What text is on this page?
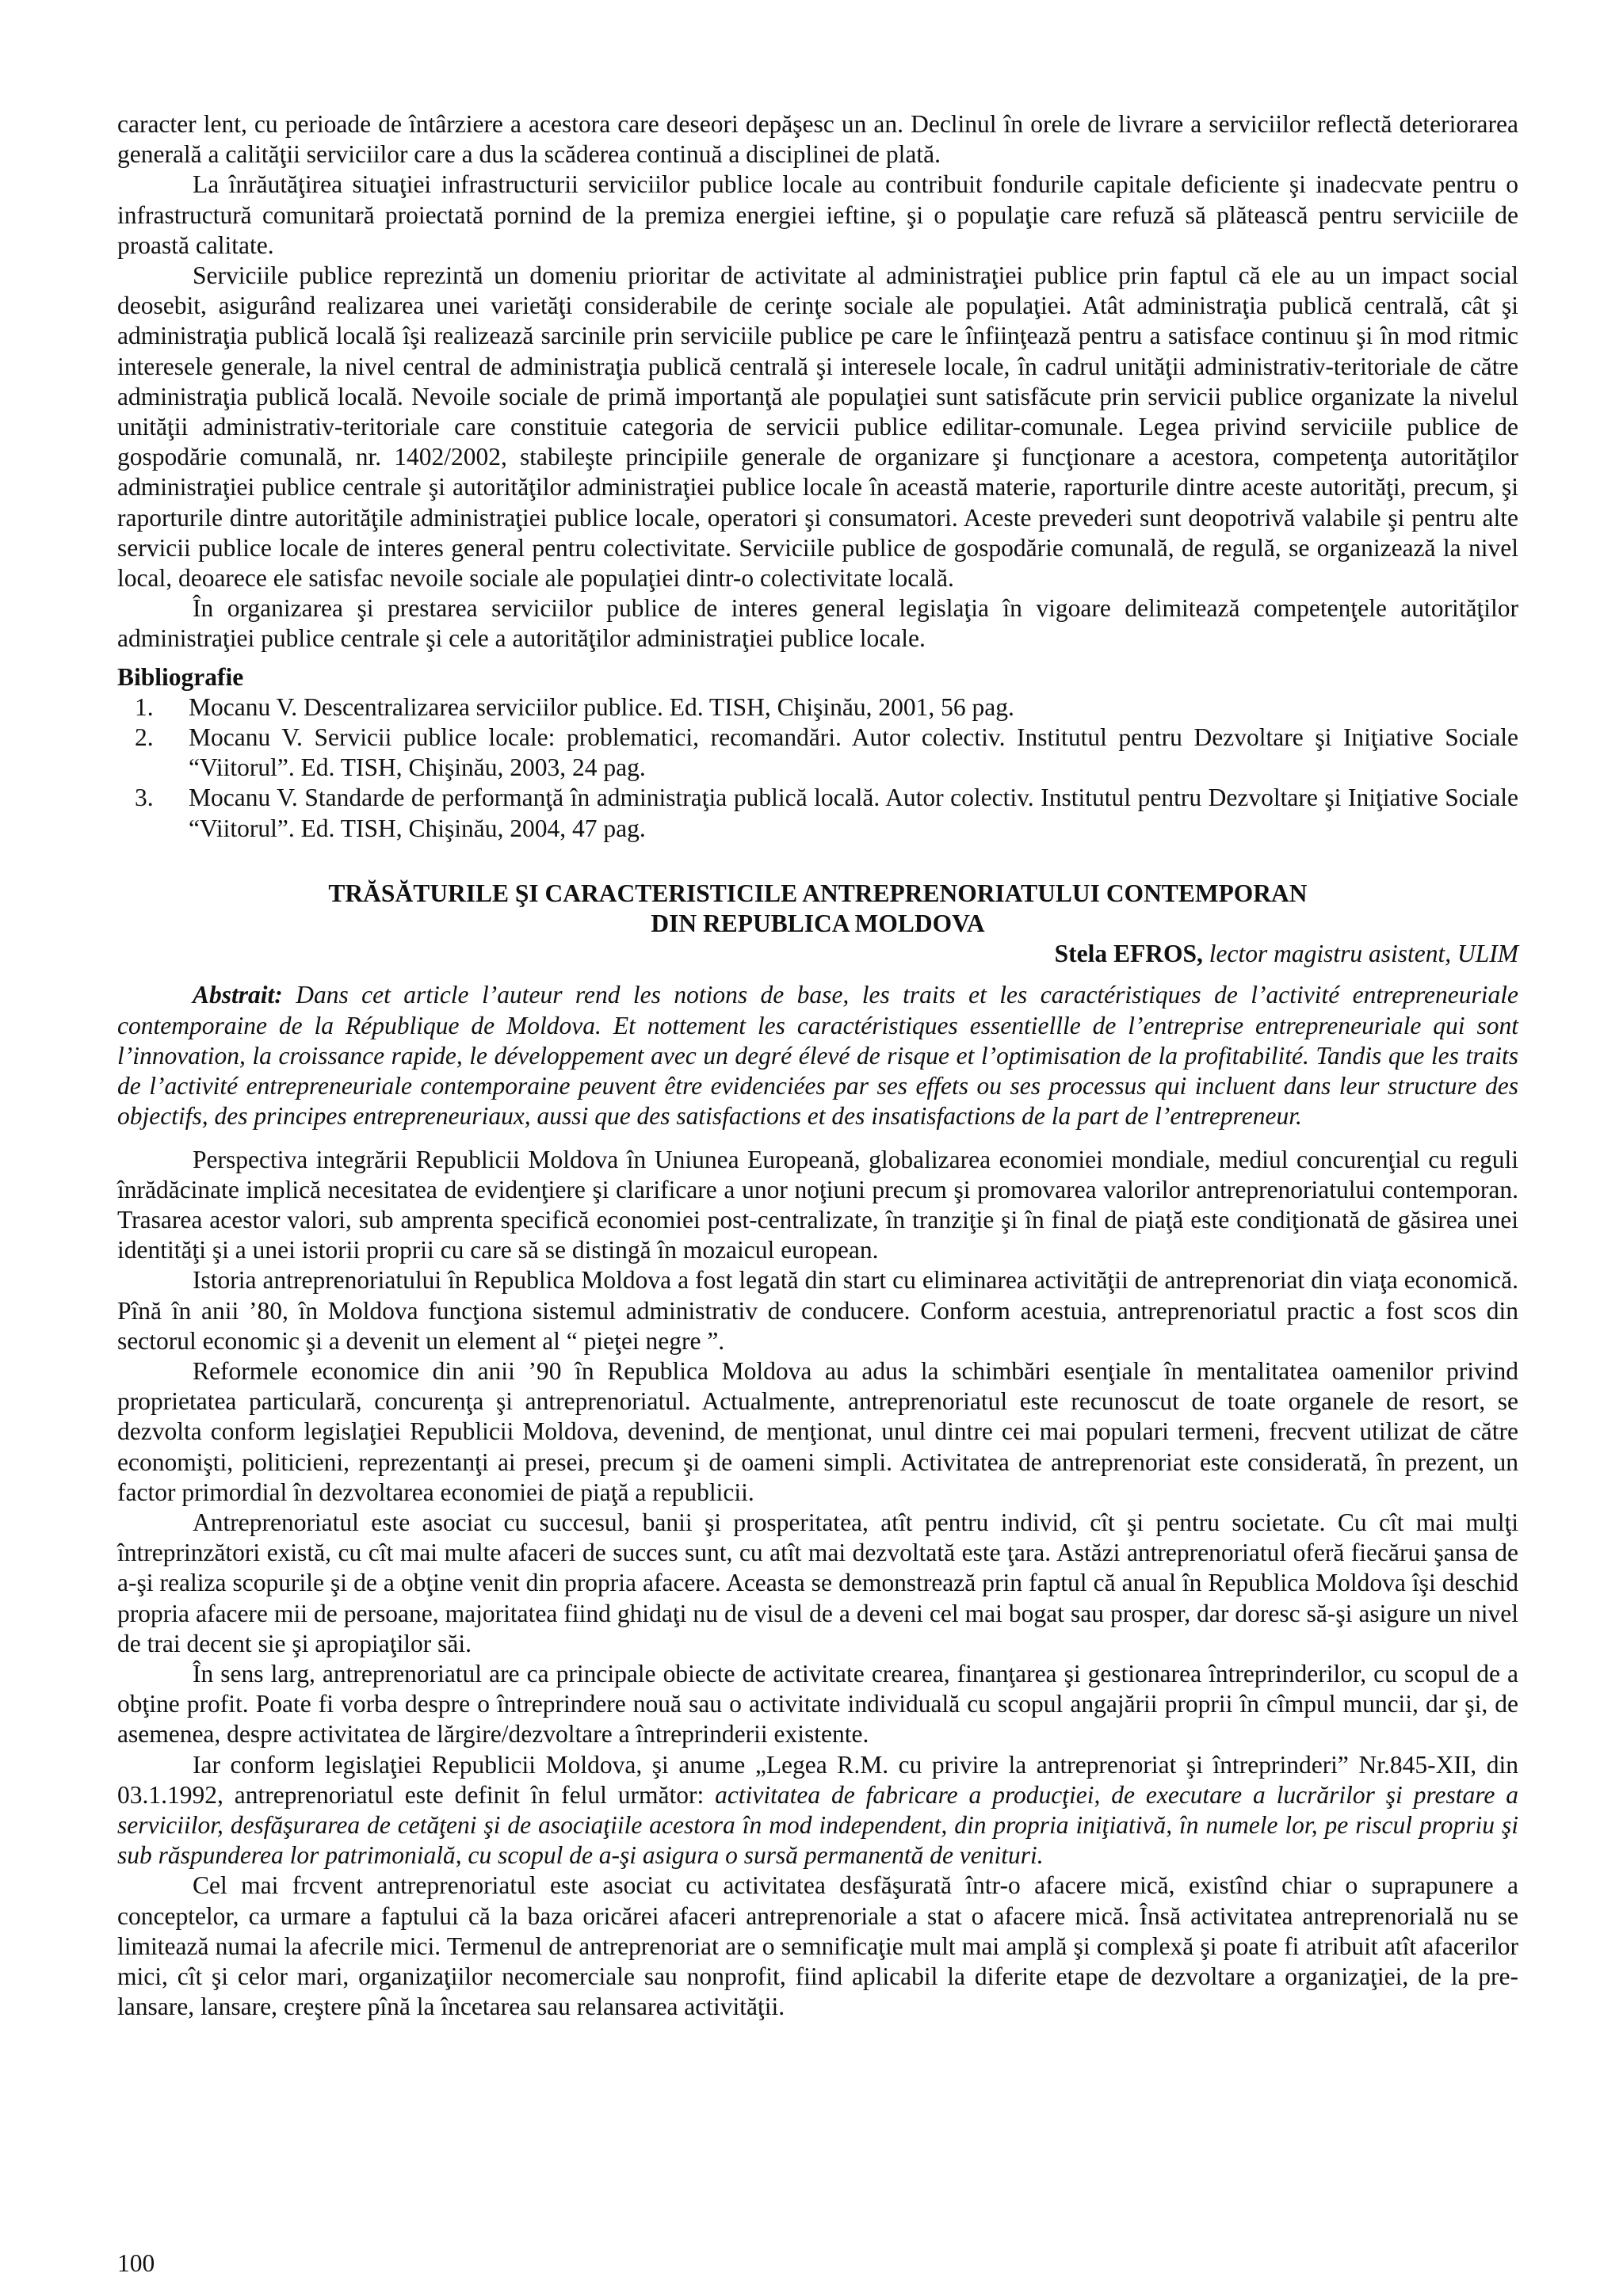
caracter lent, cu perioade de întârziere a acestora care deseori depăşesc un an. Declinul în orele de livrare a serviciilor reflectă deteriorarea generală a calităţii serviciilor care a dus la scăderea continuă a disciplinei de plată.

La înrăutăţirea situaţiei infrastructurii serviciilor publice locale au contribuit fondurile capitale deficiente şi inadecvate pentru o infrastructură comunitară proiectată pornind de la premiza energiei ieftine, şi o populaţie care refuză să plătească pentru serviciile de proastă calitate.

Serviciile publice reprezintă un domeniu prioritar de activitate al administraţiei publice prin faptul că ele au un impact social deosebit, asigurând realizarea unei varietăţi considerabile de cerinţe sociale ale populaţiei. Atât administraţia publică centrală, cât şi administraţia publică locală îşi realizează sarcinile prin serviciile publice pe care le înfiinţează pentru a satisface continuu şi în mod ritmic interesele generale, la nivel central de administraţia publică centrală şi interesele locale, în cadrul unităţii administrativ-teritoriale de către administraţia publică locală. Nevoile sociale de primă importanţă ale populaţiei sunt satisfăcute prin servicii publice organizate la nivelul unităţii administrativ-teritoriale care constituie categoria de servicii publice edilitar-comunale. Legea privind serviciile publice de gospodărie comunală, nr. 1402/2002, stabileşte principiile generale de organizare şi funcţionare a acestora, competenţa autorităţilor administraţiei publice centrale şi autorităţilor administraţiei publice locale în această materie, raporturile dintre aceste autorităţi, precum, şi raporturile dintre autorităţile administraţiei publice locale, operatori şi consumatori. Aceste prevederi sunt deopotrivă valabile şi pentru alte servicii publice locale de interes general pentru colectivitate. Serviciile publice de gospodărie comunală, de regulă, se organizează la nivel local, deoarece ele satisfac nevoile sociale ale populaţiei dintr-o colectivitate locală.

În organizarea şi prestarea serviciilor publice de interes general legislaţia în vigoare delimitează competenţele autorităţilor administraţiei publice centrale şi cele a autorităţilor administraţiei publice locale.

Bibliografie
1. Mocanu V. Descentralizarea serviciilor publice. Ed. TISH, Chişinău, 2001, 56 pag.
2. Mocanu V. Servicii publice locale: problematici, recomandări. Autor colectiv. Institutul pentru Dezvoltare şi Iniţiative Sociale “Viitorul”. Ed. TISH, Chişinău, 2003, 24 pag.
3. Mocanu V. Standarde de performanţă în administraţia publică locală. Autor colectiv. Institutul pentru Dezvoltare şi Iniţiative Sociale “Viitorul”. Ed. TISH, Chişinău, 2004, 47 pag.
TRĂSĂTURILE ŞI CARACTERISTICILE ANTREPRENORIATULUI CONTEMPORAN
DIN REPUBLICA MOLDOVA
Stela EFROS, lector magistru asistent, ULIM
Abstrait: Dans cet article l’auteur rend les notions de base, les traits et les caractéristiques de l’activité entrepreneuriale contemporaine de la République de Moldova. Et nottement les caractéristiques essentiellle de l’entreprise entrepreneuriale qui sont l’innovation, la croissance rapide, le développement avec un degré élevé de risque et l’optimisation de la profitabilité. Tandis que les traits de l’activité entrepreneuriale contemporaine peuvent être evidenciées par ses effets ou ses processus qui incluent dans leur structure des objectifs, des principes entrepreneuriaux, aussi que des satisfactions et des insatisfactions de la part de l’entrepreneur.

Perspectiva integrării Republicii Moldova în Uniunea Europeană, globalizarea economiei mondiale, mediul concurenţial cu reguli înrădăcinate implică necesitatea de evidenţiere şi clarificare a unor noţiuni precum şi promovarea valorilor antreprenoriatului contemporan. Trasarea acestor valori, sub amprenta specifică economiei post-centralizate, în tranziţie şi în final de piaţă este condiţionată de găsirea unei identităţi şi a unei istorii proprii cu care să se distingă în mozaicul european.

Istoria antreprenoriatului în Republica Moldova a fost legată din start cu eliminarea activităţii de antreprenoriat din viaţa economică. Pînă în anii ’80, în Moldova funcţiona sistemul administrativ de conducere. Conform acestuia, antreprenoriatul practic a fost scos din sectorul economic şi a devenit un element al “ pieţei negre ”.

Reformele economice din anii ’90 în Republica Moldova au adus la schimbări esenţiale în mentalitatea oamenilor privind proprietatea particulară, concurenţa şi antreprenoriatul. Actualmente, antreprenoriatul este recunoscut de toate organele de resort, se dezvolta conform legislaţiei Republicii Moldova, devenind, de menţionat, unul dintre cei mai populari termeni, frecvent utilizat de către economişti, politicieni, reprezentanţi ai presei, precum şi de oameni simpli. Activitatea de antreprenoriat este considerată, în prezent, un factor primordial în dezvoltarea economiei de piaţă a republicii.

Antreprenoriatul este asociat cu succesul, banii şi prosperitatea, atît pentru individ, cît şi pentru societate. Cu cît mai mulţi întreprinzători există, cu cît mai multe afaceri de succes sunt, cu atît mai dezvoltată este ţara. Astăzi antreprenoriatul oferă fiecărui şansa de a-şi realiza scopurile şi de a obţine venit din propria afacere. Aceasta se demonstrează prin faptul că anual în Republica Moldova îşi deschid propria afacere mii de persoane, majoritatea fiind ghidaţi nu de visul de a deveni cel mai bogat sau prosper, dar doresc să-şi asigure un nivel de trai decent sie şi apropiaţilor săi.

În sens larg, antreprenoriatul are ca principale obiecte de activitate crearea, finanţarea şi gestionarea întreprinderilor, cu scopul de a obţine profit. Poate fi vorba despre o întreprindere nouă sau o activitate individuală cu scopul angajării proprii în cîmpul muncii, dar şi, de asemenea, despre activitatea de lărgire/dezvoltare a întreprinderii existente.

Iar conform legislaţiei Republicii Moldova, şi anume „Legea R.M. cu privire la antreprenoriat şi întreprinderi” Nr.845-XII, din 03.1.1992, antreprenoriatul este definit în felul următor: activitatea de fabricare a producţiei, de executare a lucrărilor şi prestare a serviciilor, desfăşurarea de cetăţeni şi de asociaţiile acestora în mod independent, din propria iniţiativă, în numele lor, pe riscul propriu şi sub răspunderea lor patrimonială, cu scopul de a-şi asigura o sursă permanentă de venituri.

Cel mai frcvent antreprenoriatul este asociat cu activitatea desfăşurată într-o afacere mică, existînd chiar o suprapunere a conceptelor, ca urmare a faptului că la baza oricărei afaceri antreprenoriale a stat o afacere mică. Însă activitatea antreprenorială nu se limitează numai la afecrile mici. Termenul de antreprenoriat are o semnificaţie mult mai amplă şi complexă şi poate fi atribuit atît afacerilor mici, cît şi celor mari, organizaţiilor necomerciale sau nonprofit, fiind aplicabil la diferite etape de dezvoltare a organizaţiei, de la pre-lansare, lansare, creştere pînă la încetarea sau relansarea activităţii.

100
